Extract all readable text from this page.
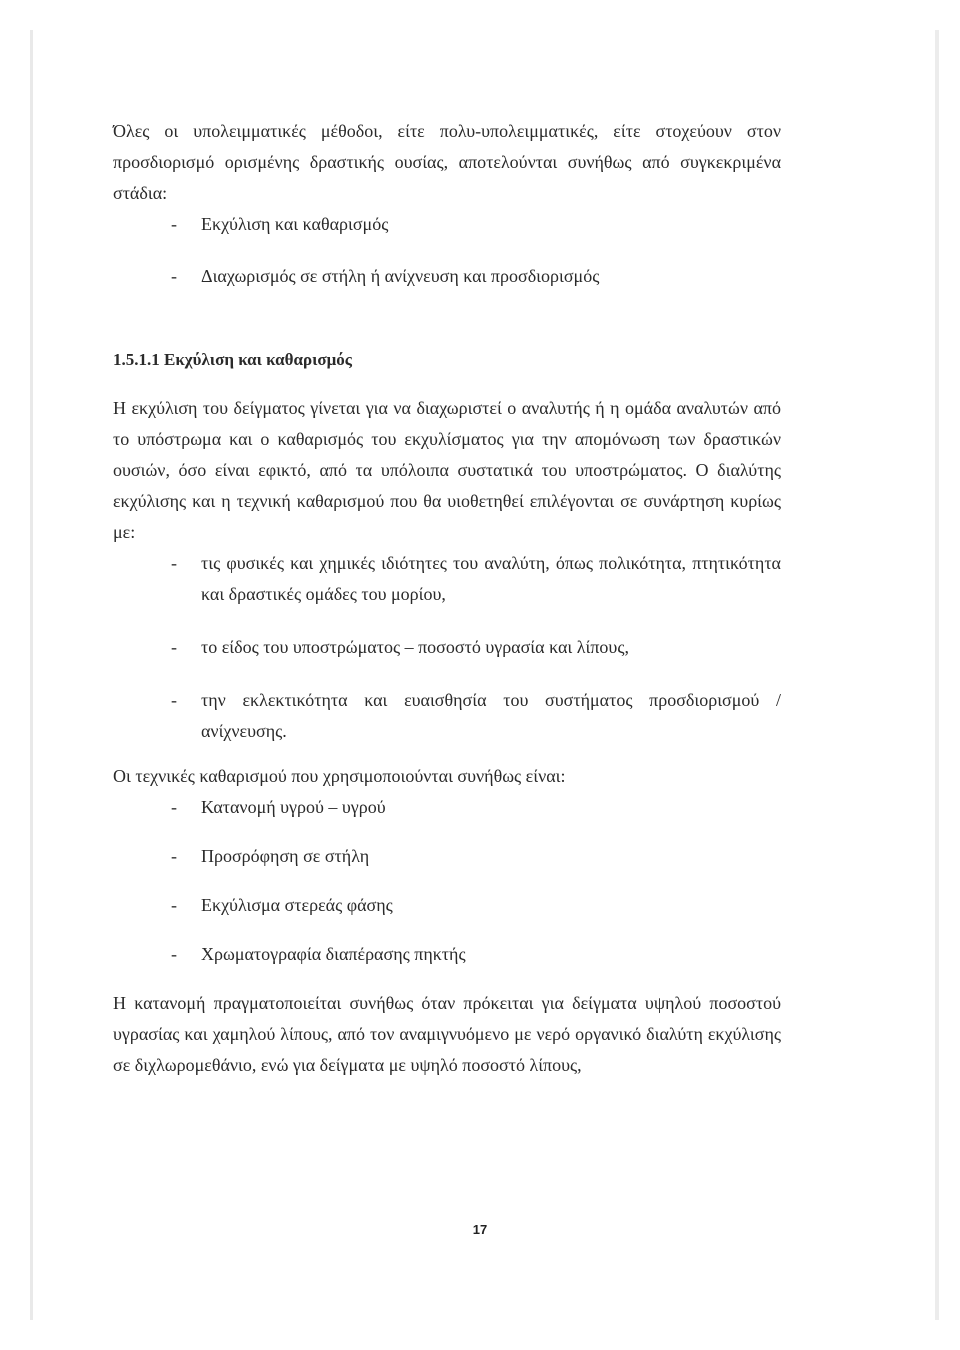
Όλες οι υπολειμματικές μέθοδοι, είτε πολυ-υπολειμματικές, είτε στοχεύουν στον προσδιορισμό ορισμένης δραστικής ουσίας, αποτελούνται συνήθως από συγκεκριμένα στάδια:

- Εκχύλιση και καθαρισμός
- Διαχωρισμός σε στήλη ή ανίχνευση και προσδιορισμός
1.5.1.1 Εκχύλιση και καθαρισμός

Η εκχύλιση του δείγματος γίνεται για να διαχωριστεί ο αναλυτής ή η ομάδα αναλυτών από το υπόστρωμα και ο καθαρισμός του εκχυλίσματος για την απομόνωση των δραστικών ουσιών, όσο είναι εφικτό, από τα υπόλοιπα συστατικά του υποστρώματος. Ο διαλύτης εκχύλισης και η τεχνική καθαρισμού που θα υιοθετηθεί επιλέγονται σε συνάρτηση κυρίως με:

- τις φυσικές και χημικές ιδιότητες του αναλύτη, όπως πολικότητα, πτητικότητα και δραστικές ομάδες του μορίου,
- το είδος του υποστρώματος – ποσοστό υγρασία και λίπους,
- την εκλεκτικότητα και ευαισθησία του συστήματος προσδιορισμού / ανίχνευσης.

Οι τεχνικές καθαρισμού που χρησιμοποιούνται συνήθως είναι:

- Κατανομή υγρού – υγρού
- Προσρόφηση σε στήλη
- Εκχύλισμα στερεάς φάσης
- Χρωματογραφία διαπέρασης πηκτής

Η κατανομή πραγματοποιείται συνήθως όταν πρόκειται για δείγματα υψηλού ποσοστού υγρασίας και χαμηλού λίπους, από τον αναμιγνυόμενο με νερό οργανικό διαλύτη εκχύλισης σε διχλωρομεθάνιο, ενώ για δείγματα με υψηλό ποσοστό λίπους,

17
